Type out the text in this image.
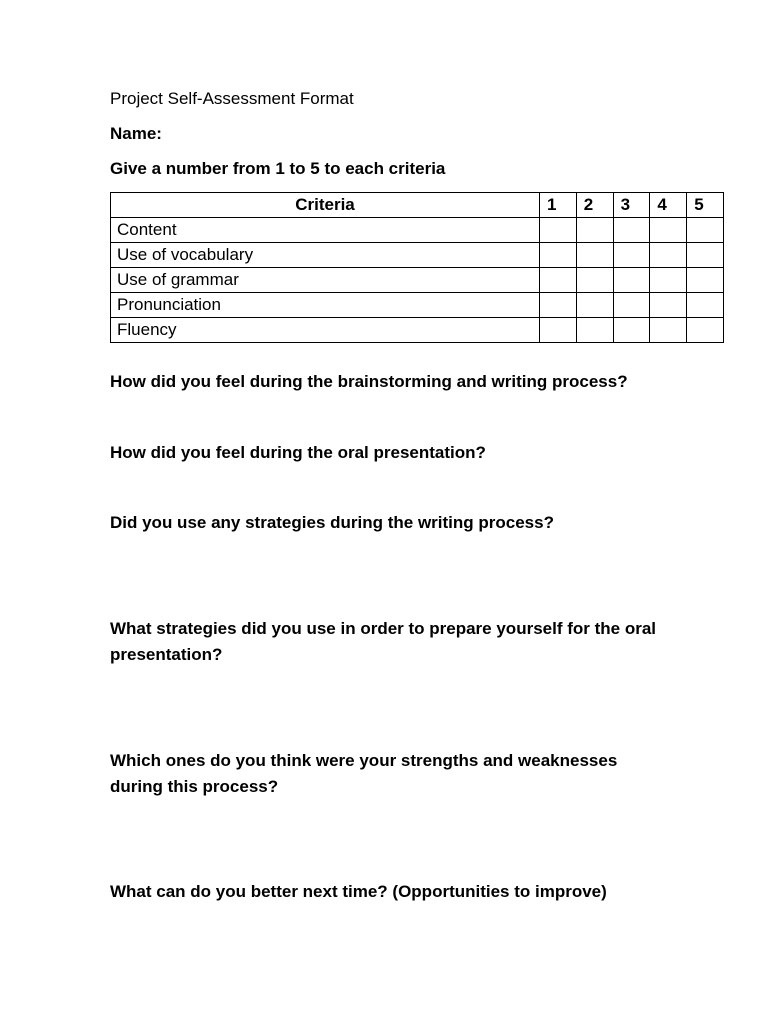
Project Self-Assessment Format
Name:
Give a number from 1 to 5 to each criteria
Criteria	1	2	3	4	5
Content					
Use of vocabulary					
Use of grammar					
Pronunciation					
Fluency					
How did you feel during the brainstorming and writing process?
How did you feel during the oral presentation?
Did you use any strategies during the writing process?
What strategies did you use in order to prepare yourself for the oral presentation?
Which ones do you think were your strengths and weaknesses during this process?
What can do you better next time? (Opportunities to improve)
